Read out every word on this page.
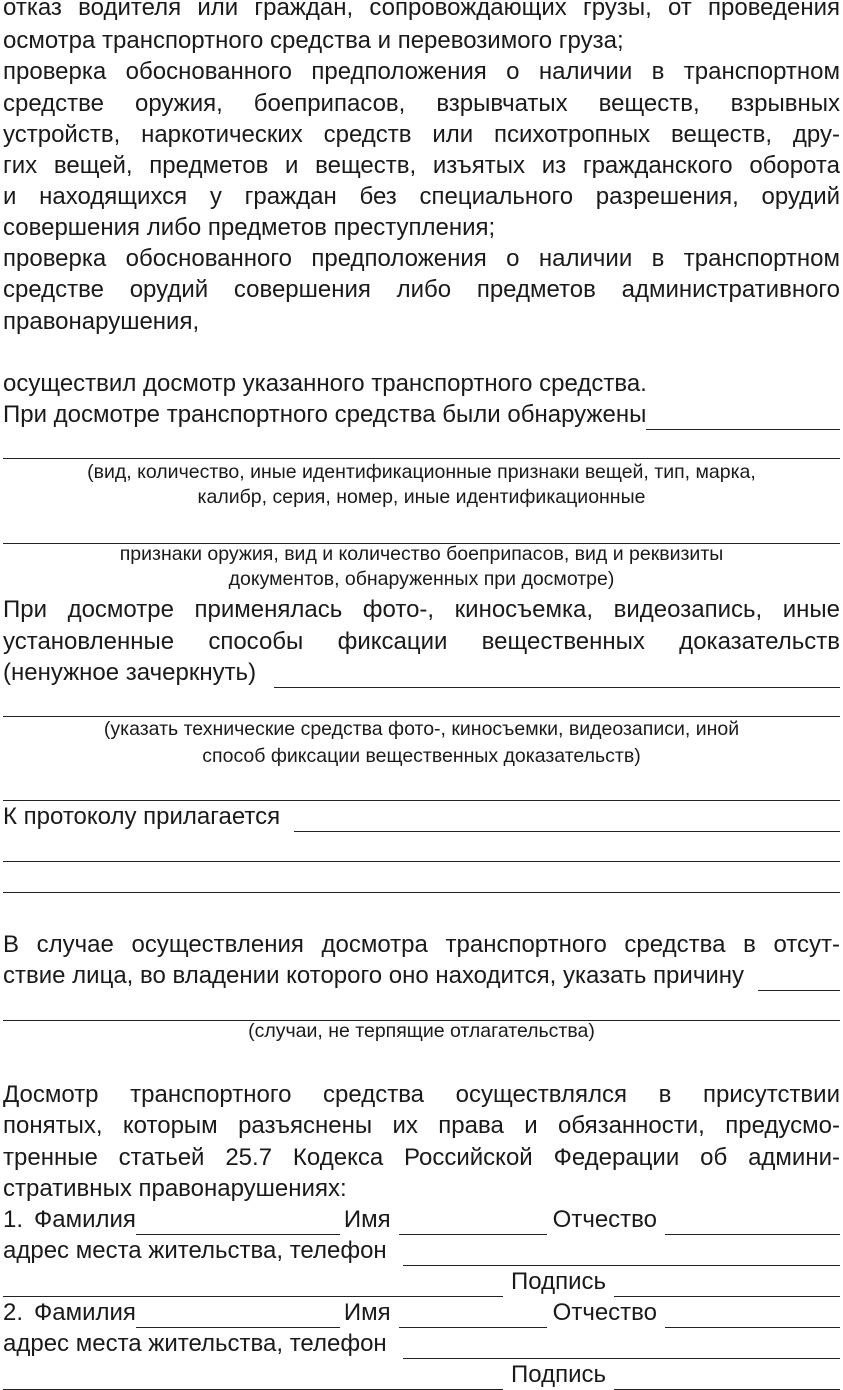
отказ водителя или граждан, сопровождающих грузы, от проведения
осмотра транспортного средства и перевозимого груза;
проверка обоснованного предположения о наличии в транспортном
средстве оружия, боеприпасов, взрывчатых веществ, взрывных
устройств, наркотических средств или психотропных веществ, дру-
гих вещей, предметов и веществ, изъятых из гражданского оборота
и находящихся у граждан без специального разрешения, орудий
совершения либо предметов преступления;
проверка обоснованного предположения о наличии в транспортном
средстве орудий совершения либо предметов административного
правонарушения,
осуществил досмотр указанного транспортного средства.
При досмотре транспортного средства были обнаружены
(вид, количество, иные идентификационные признаки вещей, тип, марка,
калибр, серия, номер, иные идентификационные
признаки оружия, вид и количество боеприпасов, вид и реквизиты
документов, обнаруженных при досмотре)
При досмотре применялась фото-, киносъемка, видеозапись, иные
установленные способы фиксации вещественных доказательств
(ненужное зачеркнуть)
(указать технические средства фото-, киносъемки, видеозаписи, иной
способ фиксации вещественных доказательств)
К протоколу прилагается
В случае осуществления досмотра транспортного средства в отсут-
ствие лица, во владении которого оно находится, указать причину
(случаи, не терпящие отлагательства)
Досмотр транспортного средства осуществлялся в присутствии
понятых, которым разъяснены их права и обязанности, предусмо-
тренные статьей 25.7 Кодекса Российской Федерации об админи-
стративных правонарушениях:
1. Фамилия	Имя	Отчество
адрес места жительства, телефон
Подпись
2. Фамилия	Имя	Отчество
адрес места жительства, телефон
Подпись
